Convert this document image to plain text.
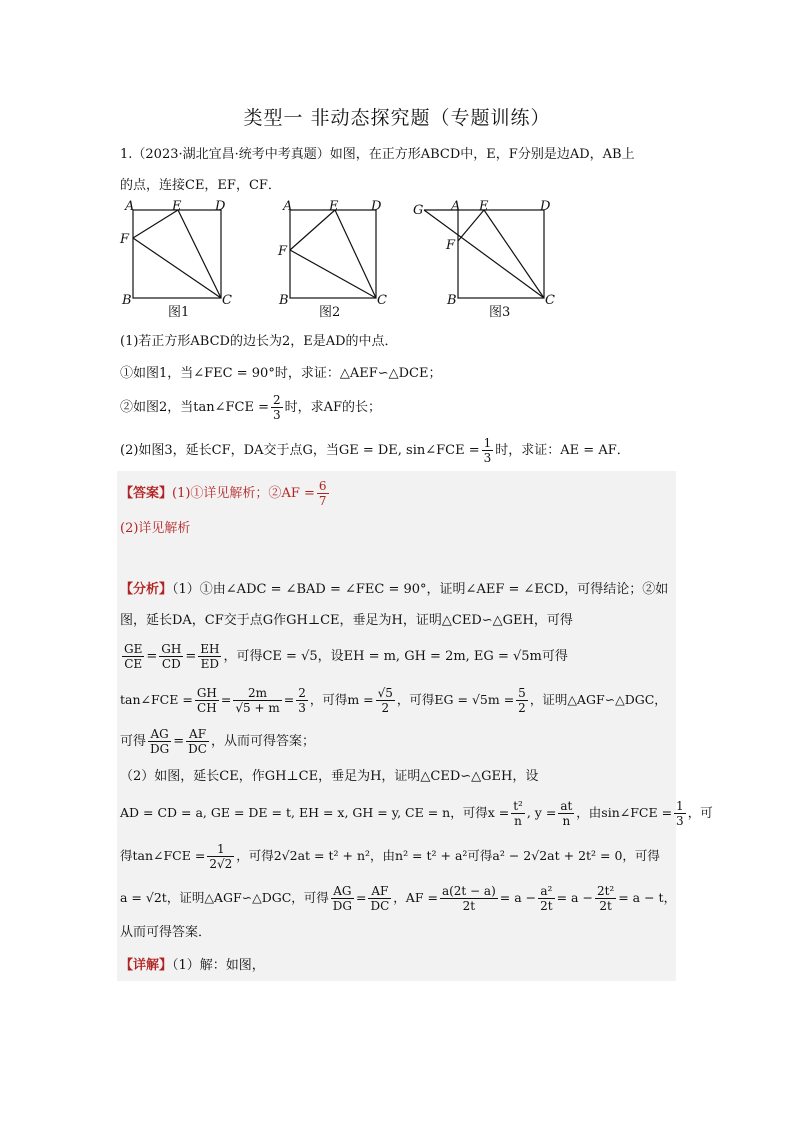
类型一 非动态探究题（专题训练）
1.（2023·湖北宜昌·统考中考真题）如图，在正方形ABCD中，E，F分别是边AD，AB上
的点，连接CE，EF，CF．
A	E	D
F
B	C
A	E	D
F
B	C
G A E	D
F
B	C
图1	图2	图3
(1)若正方形ABCD的边长为2，E是AD的中点．
①如图1，当∠FEC = 90°时，求证：△AEF∽△DCE；
②如图2，当tan∠FCE = $\frac{2}{3}$ 时，求AF的长；
(2)如图3，延长CF，DA交于点G，当GE = DE, sin∠FCE = $\frac{1}{3}$ 时，求证：AE = AF．
【答案】(1)①详见解析；②AF = $\frac{6}{7}$
(2)详见解析
【分析】（1）①由∠ADC = ∠BAD = ∠FEC = 90°，证明∠AEF = ∠ECD，可得结论；②如
图，延长DA，CF交于点G作GH⊥CE，垂足为H，证明△CED∽△GEH，可得
$\frac{GE}{CE} = \frac{GH}{CD} = \frac{EH}{ED}$ ，可得CE = √5，设EH = m, GH = 2m, EG = √5m可得
tan∠FCE = $\frac{GH}{CH} = \frac{2m}{√5 + m} = \frac{2}{3}$ ，可得$m = \frac{√5}{2}$ ，可得EG = $√5m = \frac{5}{2}$ ，证明△AGF∽△DGC，
可得 $\frac{AG}{DG} = \frac{AF}{DC}$ ，从而可得答案；
（2）如图，延长CE，作GH⊥CE，垂足为H，证明△CED∽△GEH，设
AD = CD = a, GE = DE = t, EH = x, GH = y, CE = n，可得$x = \frac{\text{t²}}{n}$ , $y = \frac{at}{n}$ ，由sin∠FCE = $\frac{1}{3}$ ，可
得tan∠FCE = $\frac{1}{2√2}$ ，可得2√2at = t² + n²，由n² = t² + a²可得a² − 2√2at + 2t² = 0，可得
a = √2t，证明△AGF∽△DGC，可得 $\frac{AG}{DG} = \frac{AF}{DC}$ ，AF = $\frac{a(2t - a)}{2t} = a - \frac{\text{a²}}{2t} = a - \frac{\text{2t²}}{2t} = a - t$，
从而可得答案．
【详解】（1）解：如图，
